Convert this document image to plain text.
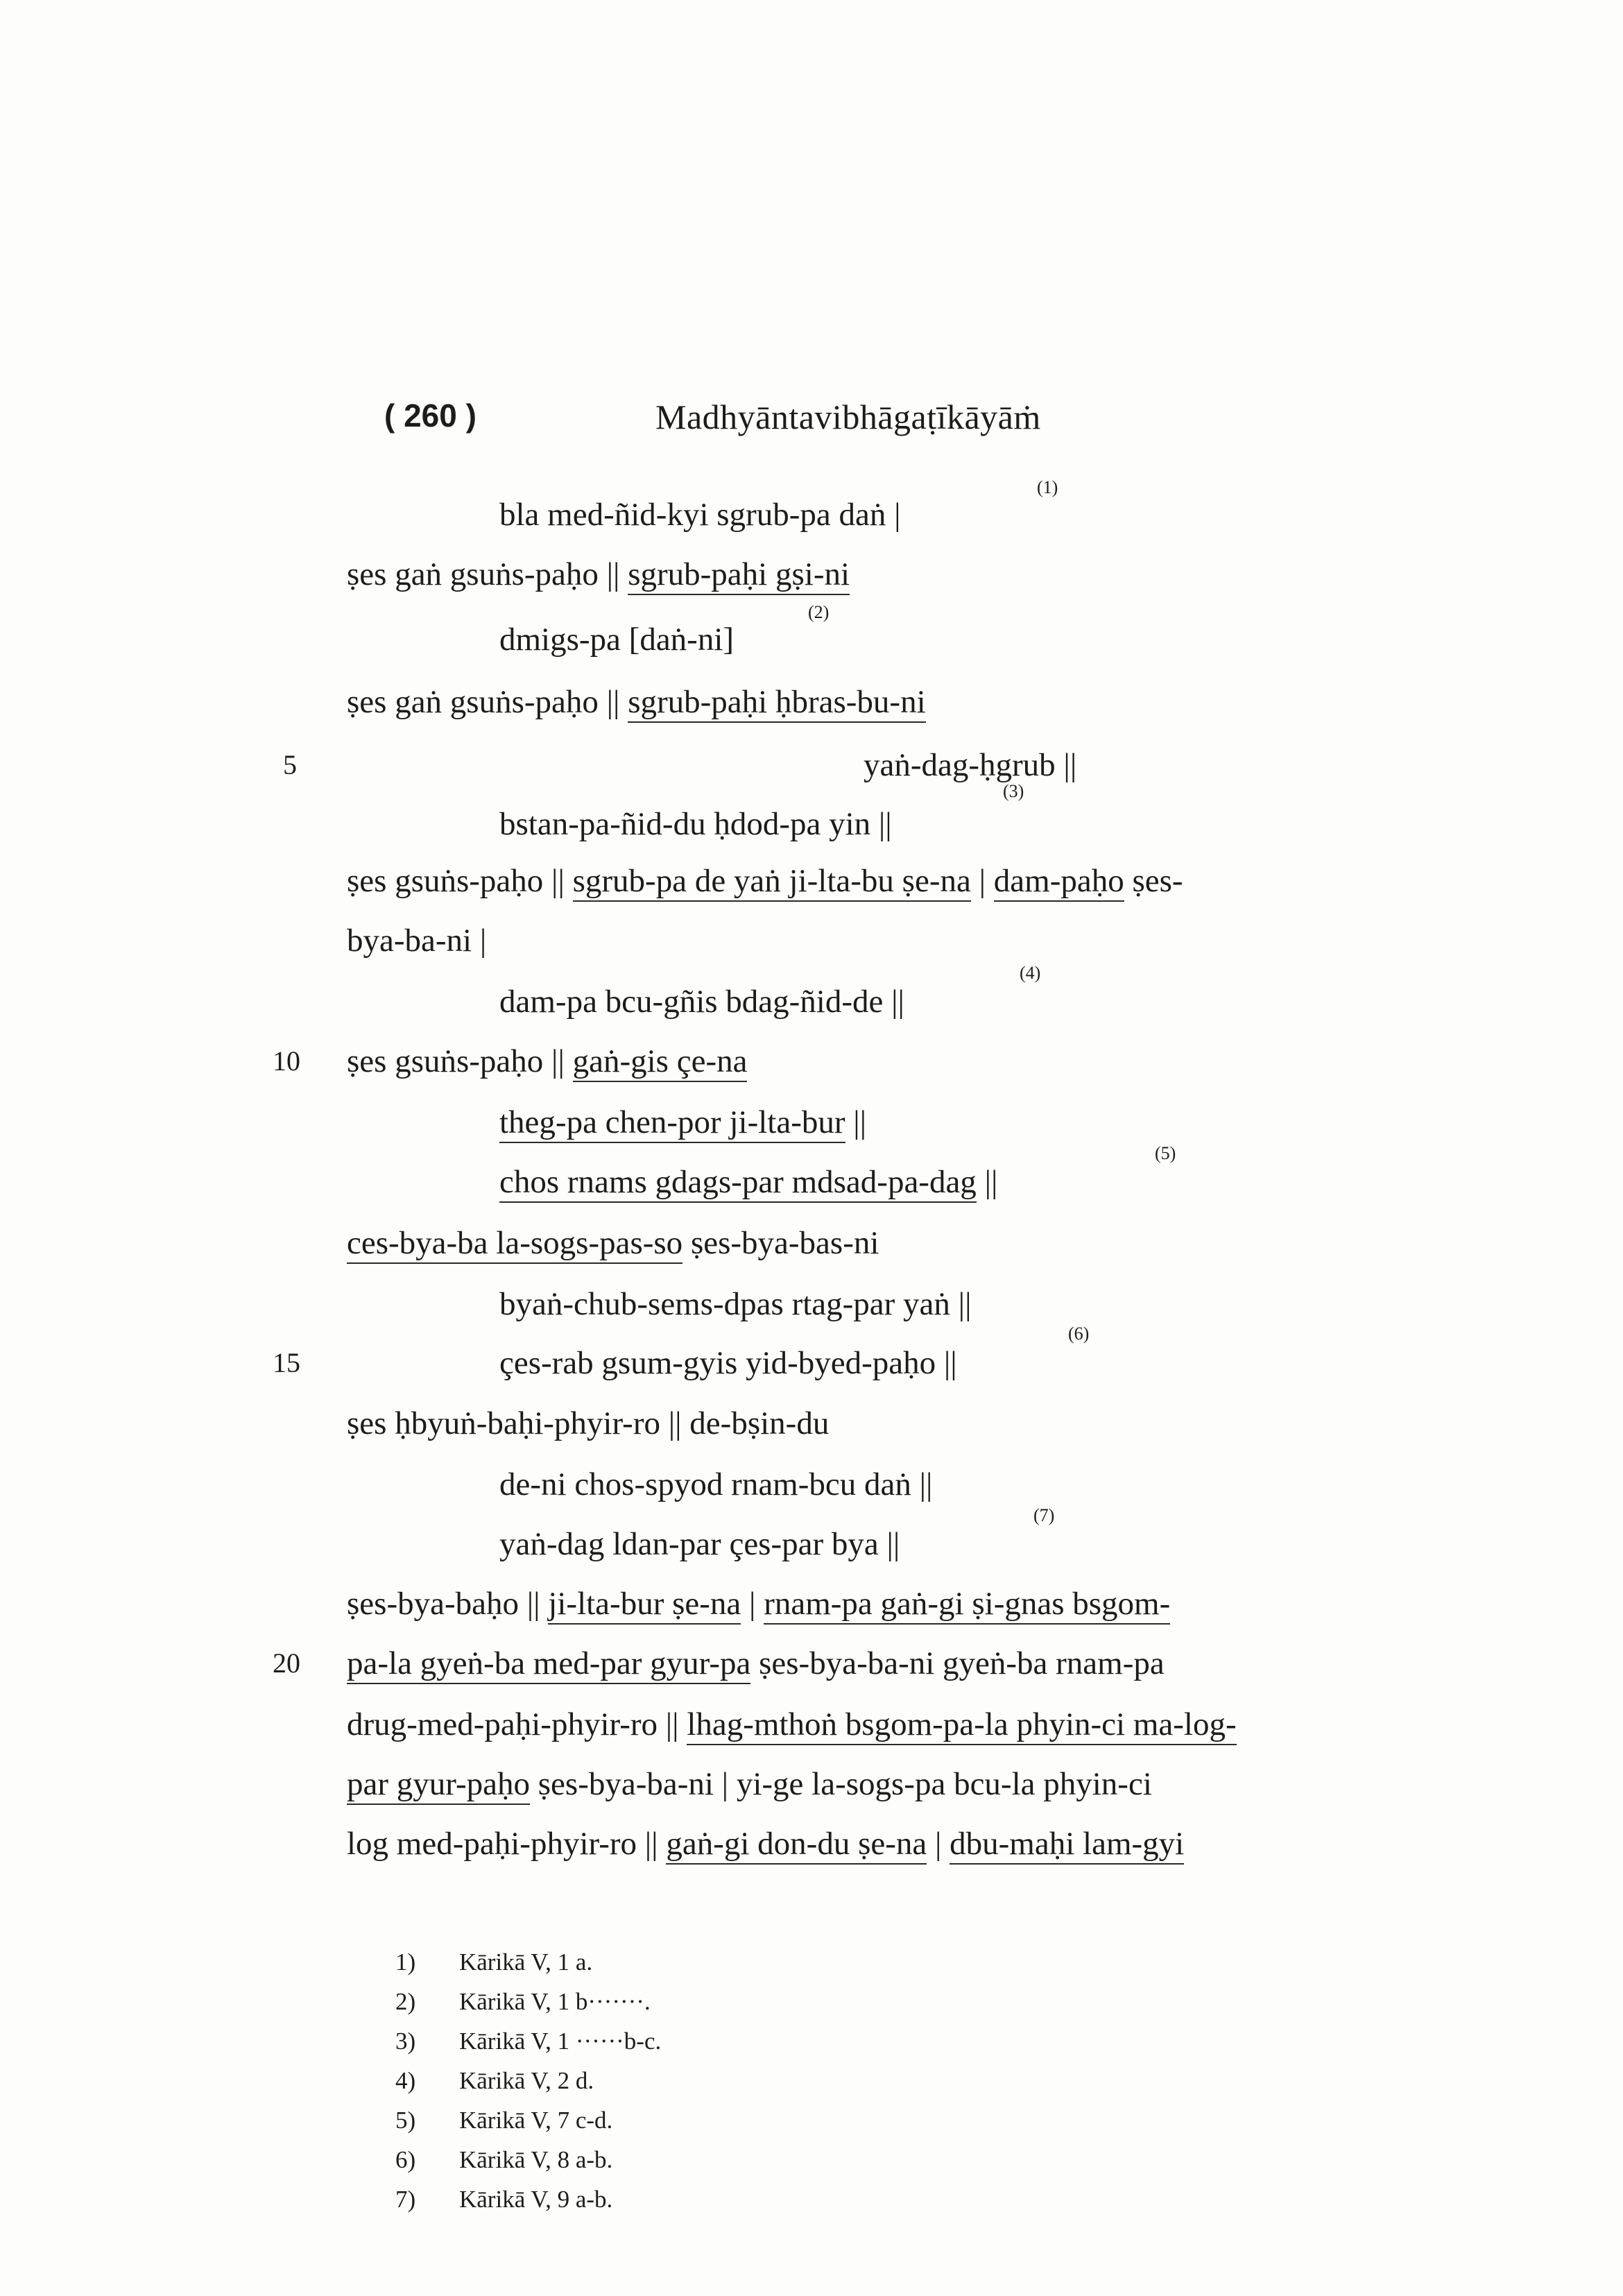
( 260 )	Madhyāntavibhāgaṭīkāyāṁ
bla med-ñid-kyi sgrub-pa daṅ |
(1)
ṣes gaṅ gsuṅs-paḥo || sgrub-paḥi gṣi-ni
dmigs-pa [daṅ-ni]
(2)
ṣes gaṅ gsuṅs-paḥo || sgrub-paḥi ḥbras-bu-ni
5	yaṅ-dag-ḥgrub ||
bstan-pa-ñid-du ḥdod-pa yin ||
(3)
ṣes gsuṅs-paḥo || sgrub-pa de yaṅ ji-lta-bu ṣe-na | dam-paḥo ṣes-
bya-ba-ni |
dam-pa bcu-gñis bdag-ñid-de ||
(4)
10 ṣes gsuṅs-paḥo || gaṅ-gis çe-na
theg-pa chen-por ji-lta-bur ||
chos rnams gdags-par mdsad-pa-dag ||
(5)
ces-bya-ba la-sogs-pas-so ṣes-bya-bas-ni
byaṅ-chub-sems-dpas rtag-par yaṅ ||
15	çes-rab gsum-gyis yid-byed-paḥo ||
(6)
ṣes ḥbyuṅ-baḥi-phyir-ro || de-bṣin-du
de-ni chos-spyod rnam-bcu daṅ ||
yaṅ-dag ldan-par çes-par bya ||
(7)
ṣes-bya-baḥo || ji-lta-bur ṣe-na | rnam-pa gaṅ-gi ṣi-gnas bsgom-
20 pa-la gyeṅ-ba med-par gyur-pa ṣes-bya-ba-ni gyeṅ-ba rnam-pa
drug-med-paḥi-phyir-ro || lhag-mthoṅ bsgom-pa-la phyin-ci ma-log-
par gyur-paḥo ṣes-bya-ba-ni | yi-ge la-sogs-pa bcu-la phyin-ci
log med-paḥi-phyir-ro || gaṅ-gi don-du ṣe-na | dbu-maḥi lam-gyi
1) Kārikā V, 1 a.
2) Kārikā V, 1 b·······.
3) Kārikā V, 1 ······b-c.
4) Kārikā V, 2 d.
5) Kārikā V, 7 c-d.
6) Kārikā V, 8 a-b.
7) Kārikā V, 9 a-b.
